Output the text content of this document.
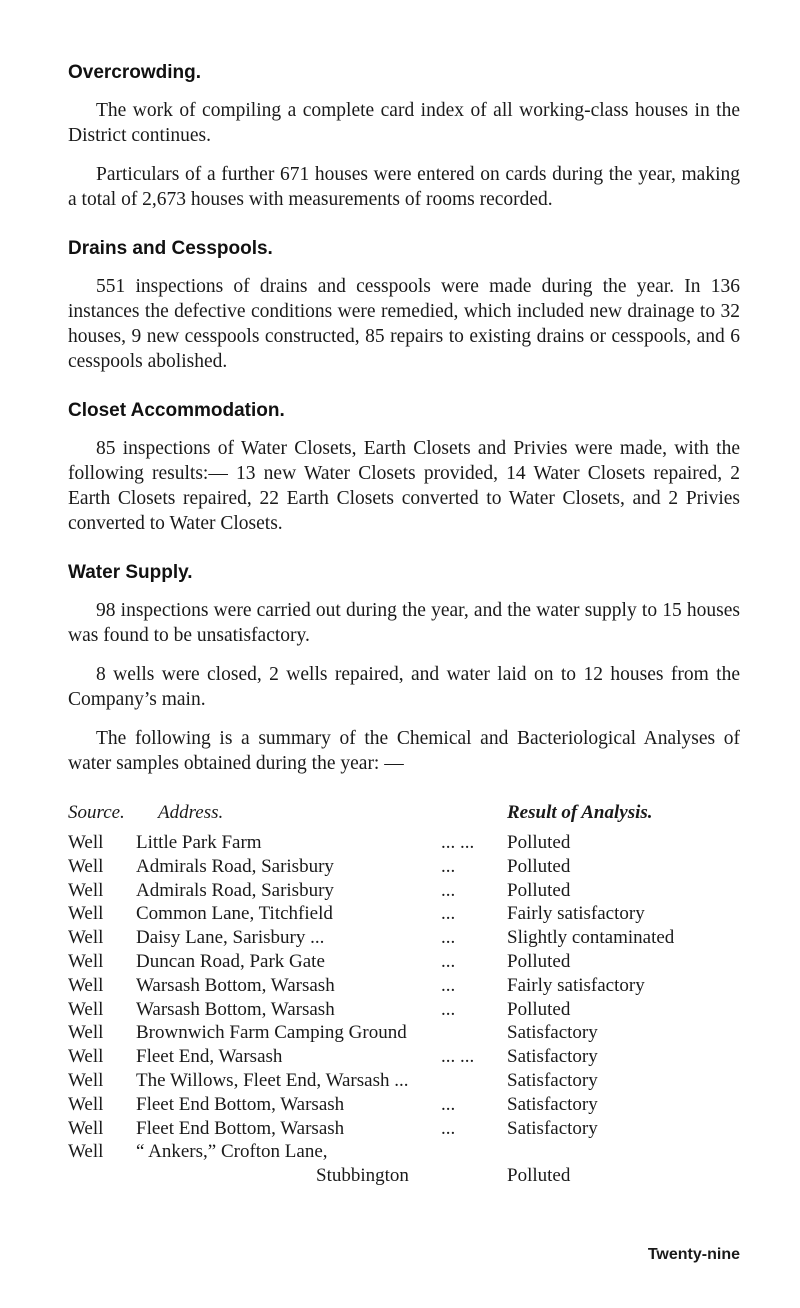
Overcrowding.

The work of compiling a complete card index of all working-class houses in the District continues.

Particulars of a further 671 houses were entered on cards during the year, making a total of 2,673 houses with measurements of rooms recorded.

Drains and Cesspools.

551 inspections of drains and cesspools were made during the year. In 136 instances the defective conditions were remedied, which included new drainage to 32 houses, 9 new cesspools constructed, 85 repairs to existing drains or cesspools, and 6 cesspools abolished.

Closet Accommodation.

85 inspections of Water Closets, Earth Closets and Privies were made, with the following results:— 13 new Water Closets provided, 14 Water Closets repaired, 2 Earth Closets repaired, 22 Earth Closets converted to Water Closets, and 2 Privies converted to Water Closets.

Water Supply.

98 inspections were carried out during the year, and the water supply to 15 houses was found to be unsatisfactory.

8 wells were closed, 2 wells repaired, and water laid on to 12 houses from the Company’s main.

The following is a summary of the Chemical and Bacteriological Analyses of water samples obtained during the year: —

Source. Address.	Result of Analysis.
Well Little Park Farm	... ... Polluted
Well Admirals Road, Sarisbury	...	Polluted
Well Admirals Road, Sarisbury	...	Polluted
Well Common Lane, Titchfield	...	Fairly satisfactory
Well Daisy Lane, Sarisbury ...	...	Slightly contaminated
Well Duncan Road, Park Gate	...	Polluted
Well Warsash Bottom, Warsash	...	Fairly satisfactory
Well Warsash Bottom, Warsash	...	Polluted
Well Brownwich Farm Camping Ground	Satisfactory
Well Fleet End, Warsash	... ... Satisfactory
Well The Willows, Fleet End, Warsash ...	Satisfactory
Well Fleet End Bottom, Warsash	...	Satisfactory
Well Fleet End Bottom, Warsash	...	Satisfactory
Well “ Ankers,” Crofton Lane,
Stubbington	Polluted
Twenty-nine
